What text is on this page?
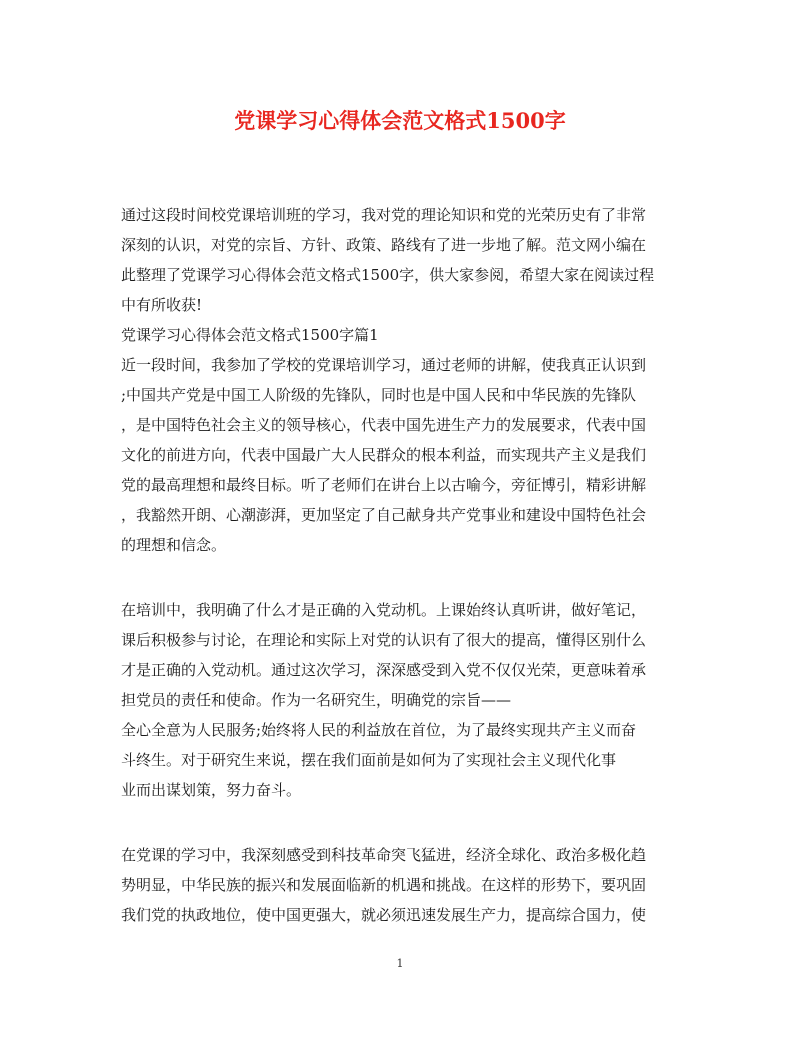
党课学习心得体会范文格式1500字
通过这段时间校党课培训班的学习，我对党的理论知识和党的光荣历史有了非常
深刻的认识，对党的宗旨、方针、政策、路线有了进一步地了解。范文网小编在
此整理了党课学习心得体会范文格式1500字，供大家参阅，希望大家在阅读过程
中有所收获!
党课学习心得体会范文格式1500字篇1
近一段时间，我参加了学校的党课培训学习，通过老师的讲解，使我真正认识到
;中国共产党是中国工人阶级的先锋队，同时也是中国人民和中华民族的先锋队
，是中国特色社会主义的领导核心，代表中国先进生产力的发展要求，代表中国
文化的前进方向，代表中国最广大人民群众的根本利益，而实现共产主义是我们
党的最高理想和最终目标。听了老师们在讲台上以古喻今，旁征博引，精彩讲解
，我豁然开朗、心潮澎湃，更加坚定了自己献身共产党事业和建设中国特色社会
的理想和信念。
在培训中，我明确了什么才是正确的入党动机。上课始终认真听讲，做好笔记，
课后积极参与讨论，在理论和实际上对党的认识有了很大的提高，懂得区别什么
才是正确的入党动机。通过这次学习，深深感受到入党不仅仅光荣，更意味着承
担党员的责任和使命。作为一名研究生，明确党的宗旨——
全心全意为人民服务;始终将人民的利益放在首位，为了最终实现共产主义而奋
斗终生。对于研究生来说，摆在我们面前是如何为了实现社会主义现代化事
业而出谋划策，努力奋斗。
在党课的学习中，我深刻感受到科技革命突飞猛进，经济全球化、政治多极化趋
势明显，中华民族的振兴和发展面临新的机遇和挑战。在这样的形势下，要巩固
我们党的执政地位，使中国更强大，就必须迅速发展生产力，提高综合国力，使
1
